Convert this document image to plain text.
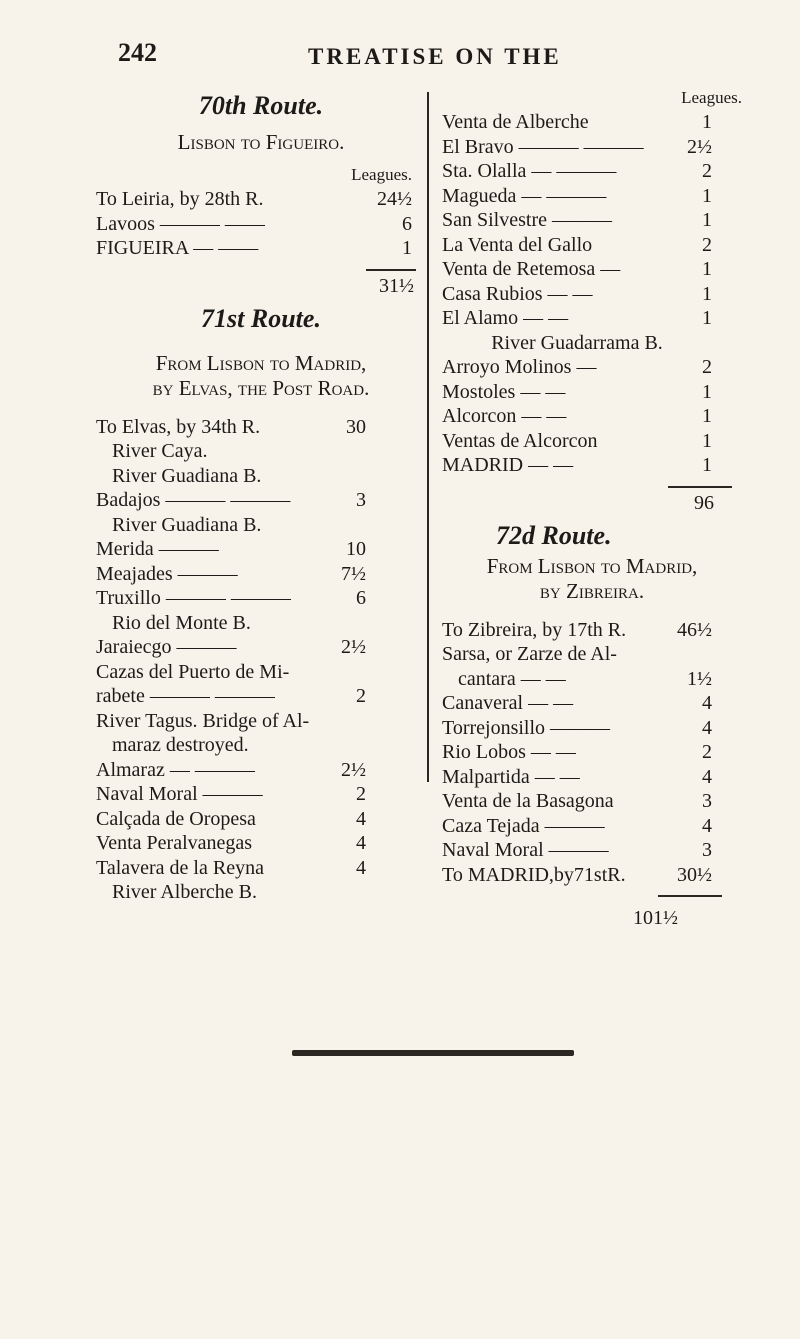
242	TREATISE ON THE

70th Route.

Lisbon to Figueiro.

Leagues.
To Leiria, by 28th R.	24½
Lavoos ——— ——	6
FIGUEIRA — ——	1
31½

71st Route.

From Lisbon to Madrid,

by Elvas, the Post Road.

To Elvas, by 34th R.	30
River Caya.
River Guadiana B.
Badajos ——— ———	3
River Guadiana B.
Merida ———	10
Meajades ———	7½
Truxillo ——— ———	6
Rio del Monte B.
Jaraiecgo ———	2½
Cazas del Puerto de Mi-
rabete ——— ———	2
River Tagus. Bridge of Al-
maraz destroyed.
Almaraz — ———	2½
Naval Moral ———	2
Calçada de Oropesa	4
Venta Peralvanegas	4
Talavera de la Reyna	4
River Alberche B.
Leagues.
Venta de Alberche	1
El Bravo ——— ——— 2½
Sta. Olalla — ———	2
Magueda — ———	1
San Silvestre ———	1
La Venta del Gallo	2
Venta de Retemosa —	1
Casa Rubios — —	1
El Alamo — —	1
River Guadarrama B.
Arroyo Molinos —	2
Mostoles — —	1
Alcorcon — —	1
Ventas de Alcorcon	1
MADRID — —	1
96

72d Route.

From Lisbon to Madrid,

by Zibreira.

To Zibreira, by 17th R.	46½
Sarsa, or Zarze de Al-
cantara — —	1½
Canaveral — —	4
Torrejonsillo ———	4
Rio Lobos — —	2
Malpartida — —	4
Venta de la Basagona	3
Caza Tejada ———	4
Naval Moral ———	3
To MADRID,by71stR.	30½
101½
